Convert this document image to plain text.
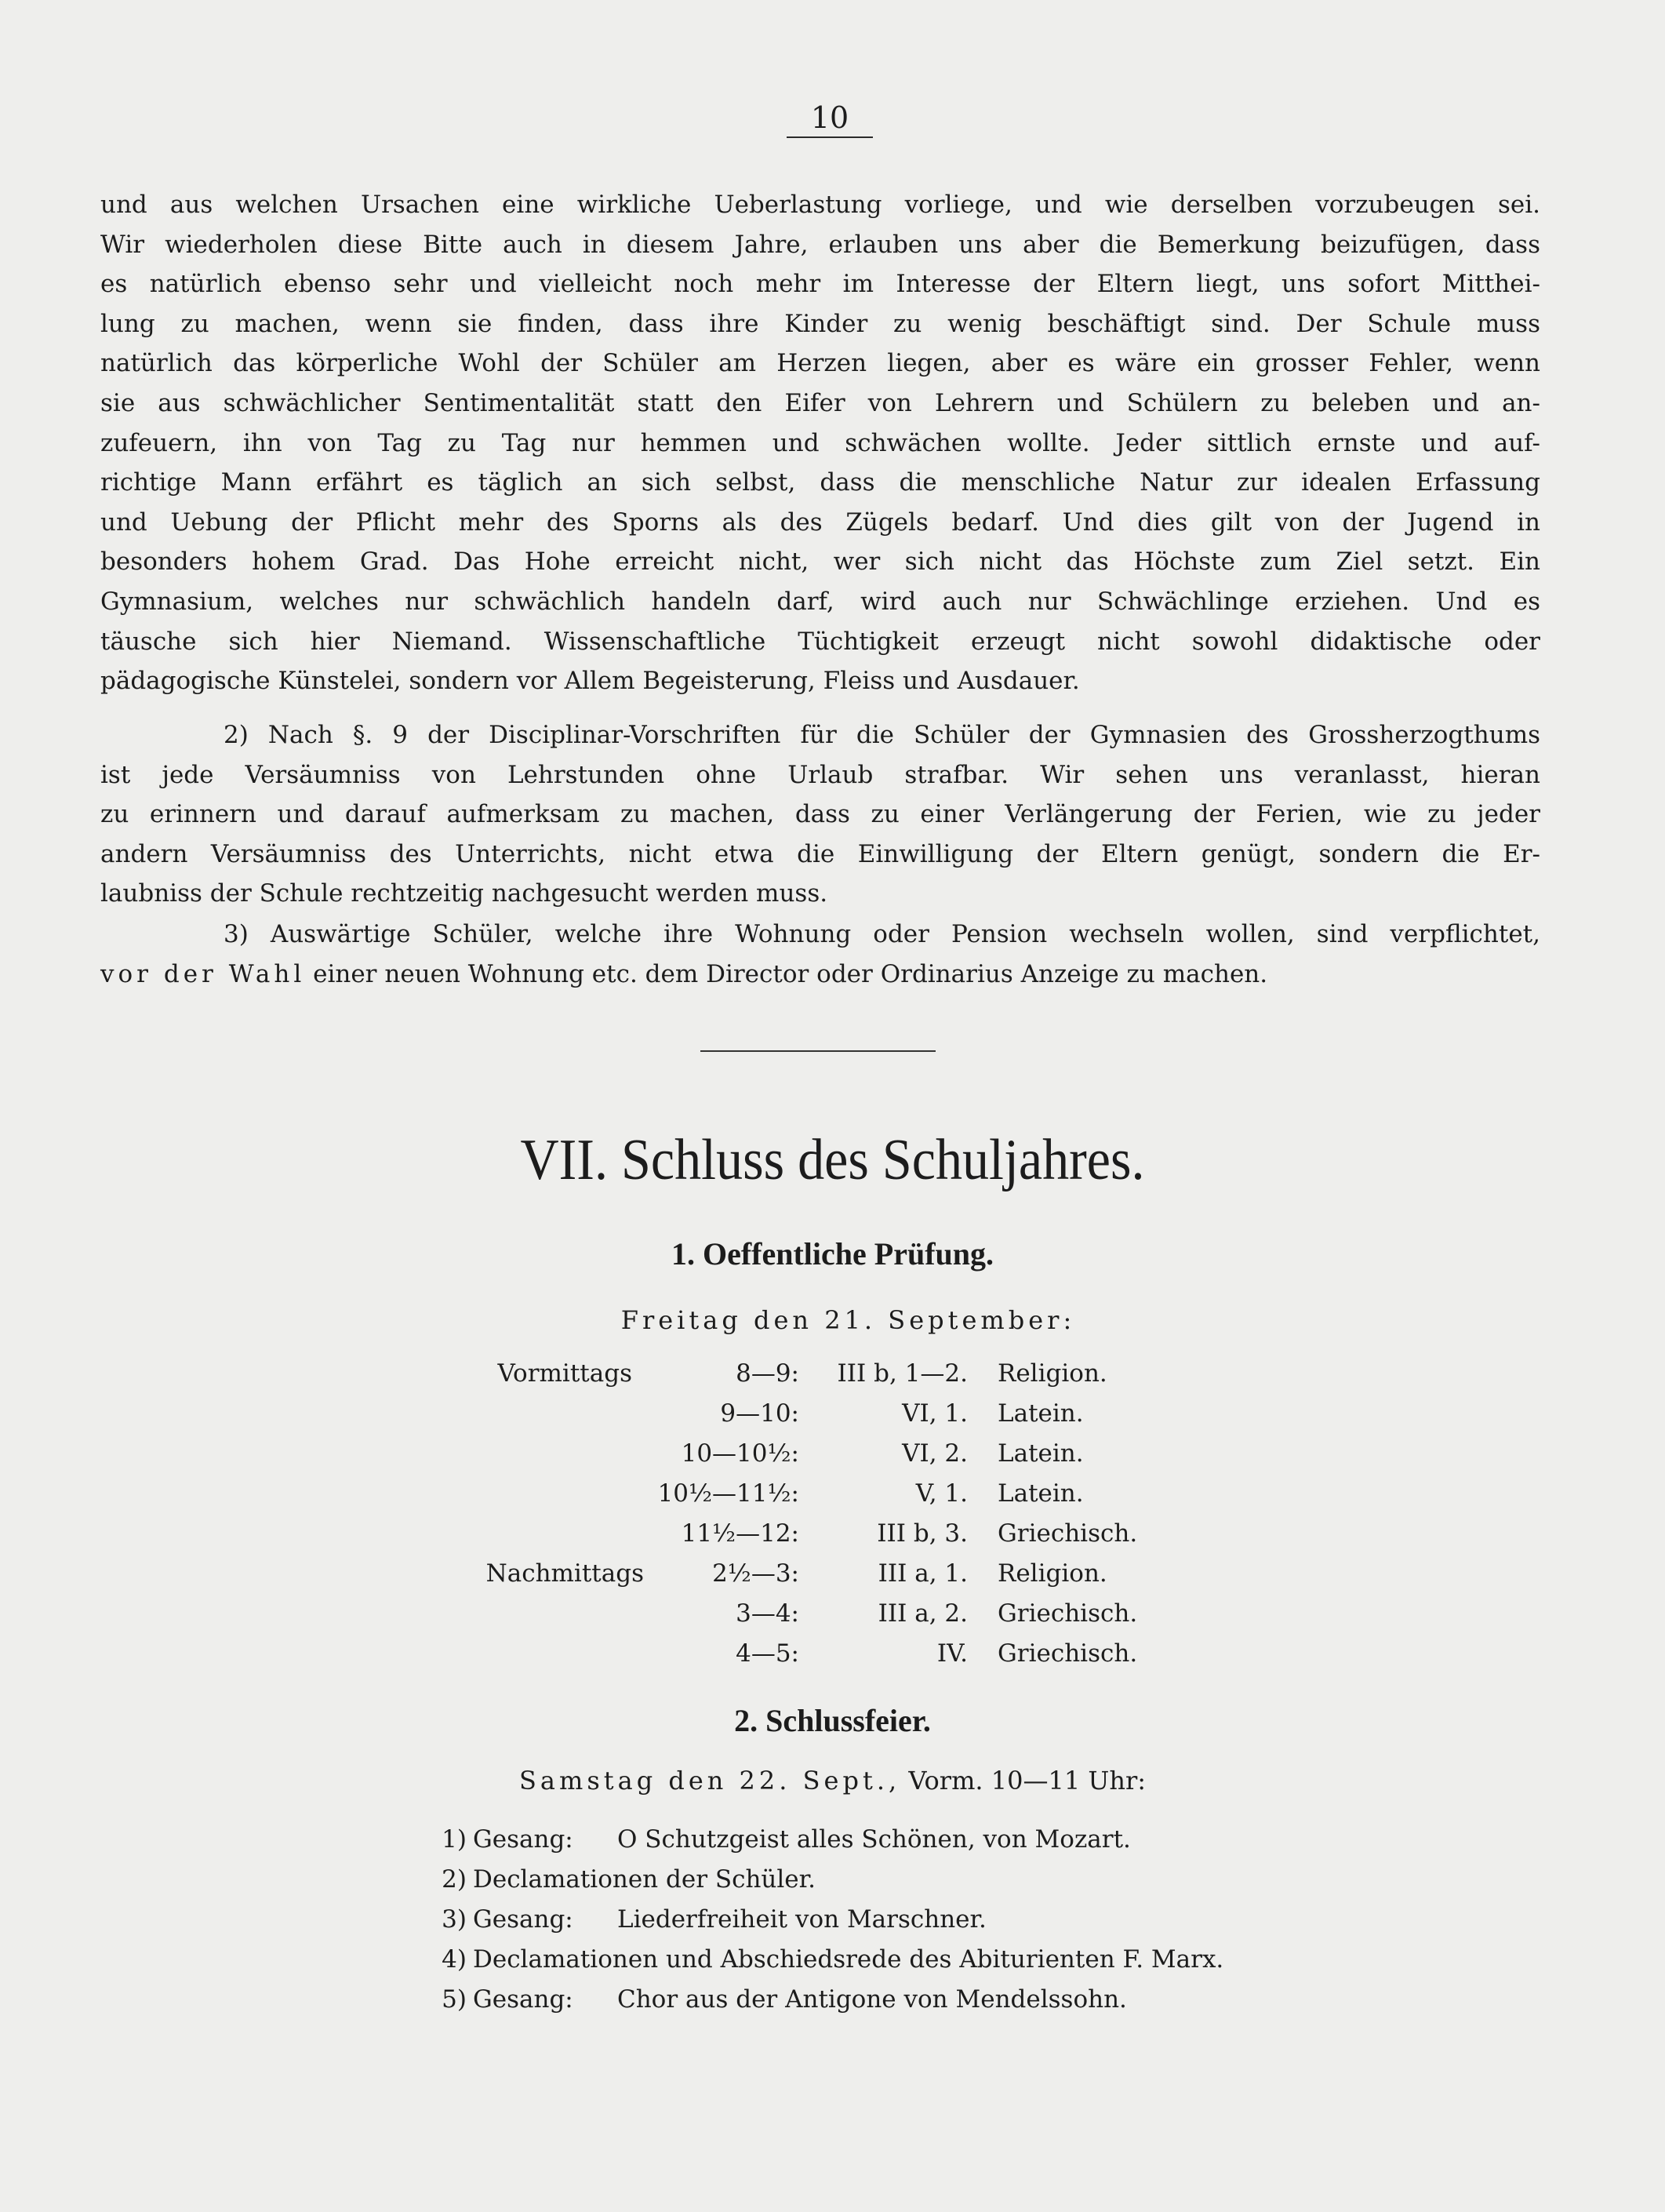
10
und aus welchen Ursachen eine wirkliche Ueberlastung vorliege, und wie derselben vorzubeugen sei.
Wir wiederholen diese Bitte auch in diesem Jahre, erlauben uns aber die Bemerkung beizufügen, dass
es natürlich ebenso sehr und vielleicht noch mehr im Interesse der Eltern liegt, uns sofort Mitthei-
lung zu machen, wenn sie finden, dass ihre Kinder zu wenig beschäftigt sind. Der Schule muss
natürlich das körperliche Wohl der Schüler am Herzen liegen, aber es wäre ein grosser Fehler, wenn
sie aus schwächlicher Sentimentalität statt den Eifer von Lehrern und Schülern zu beleben und an-
zufeuern, ihn von Tag zu Tag nur hemmen und schwächen wollte. Jeder sittlich ernste und auf-
richtige Mann erfährt es täglich an sich selbst, dass die menschliche Natur zur idealen Erfassung
und Uebung der Pflicht mehr des Sporns als des Zügels bedarf. Und dies gilt von der Jugend in
besonders hohem Grad. Das Hohe erreicht nicht, wer sich nicht das Höchste zum Ziel setzt. Ein
Gymnasium, welches nur schwächlich handeln darf, wird auch nur Schwächlinge erziehen. Und es
täusche sich hier Niemand. Wissenschaftliche Tüchtigkeit erzeugt nicht sowohl didaktische oder
pädagogische Künstelei, sondern vor Allem Begeisterung, Fleiss und Ausdauer.
2) Nach §. 9 der Disciplinar-Vorschriften für die Schüler der Gymnasien des Grossherzogthums
ist jede Versäumniss von Lehrstunden ohne Urlaub strafbar. Wir sehen uns veranlasst, hieran
zu erinnern und darauf aufmerksam zu machen, dass zu einer Verlängerung der Ferien, wie zu jeder
andern Versäumniss des Unterrichts, nicht etwa die Einwilligung der Eltern genügt, sondern die Er-
laubniss der Schule rechtzeitig nachgesucht werden muss.
3) Auswärtige Schüler, welche ihre Wohnung oder Pension wechseln wollen, sind verpflichtet,
vor der Wahl einer neuen Wohnung etc. dem Director oder Ordinarius Anzeige zu machen.
VII. Schluss des Schuljahres.
1. Oeffentliche Prüfung.
Freitag den 21. September:
Vormittags	8—9: III b, 1—2. Religion.
9—10:	VI, 1. Latein.
10—10½:	VI, 2. Latein.
10½—11½:	V, 1. Latein.
11½—12:	III b, 3. Griechisch.
Nachmittags	2½—3:	III a, 1. Religion.
3—4:	III a, 2. Griechisch.
4—5:	IV. Griechisch.
2. Schlussfeier.
Samstag den 22. Sept., Vorm. 10—11 Uhr:
1) Gesang: O Schutzgeist alles Schönen, von Mozart.
2) Declamationen der Schüler.
3) Gesang: Liederfreiheit von Marschner.
4) Declamationen und Abschiedsrede des Abiturienten F. Marx.
5) Gesang: Chor aus der Antigone von Mendelssohn.
